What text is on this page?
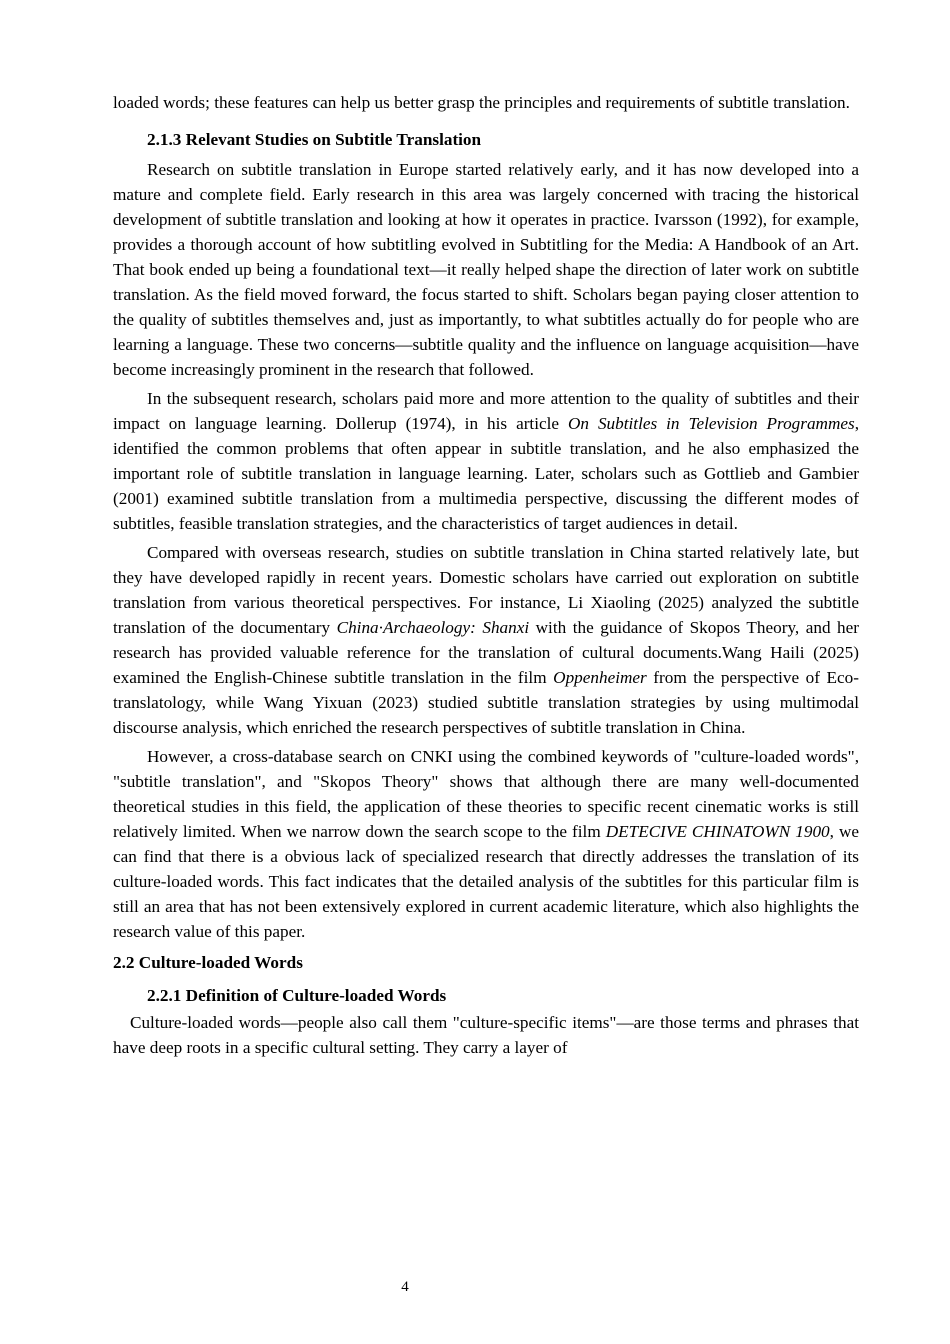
loaded words; these features can help us better grasp the principles and requirements of subtitle translation.

2.1.3 Relevant Studies on Subtitle Translation

Research on subtitle translation in Europe started relatively early, and it has now developed into a mature and complete field. Early research in this area was largely concerned with tracing the historical development of subtitle translation and looking at how it operates in practice. Ivarsson (1992), for example, provides a thorough account of how subtitling evolved in Subtitling for the Media: A Handbook of an Art. That book ended up being a foundational text—it really helped shape the direction of later work on subtitle translation. As the field moved forward, the focus started to shift. Scholars began paying closer attention to the quality of subtitles themselves and, just as importantly, to what subtitles actually do for people who are learning a language. These two concerns—subtitle quality and the influence on language acquisition—have become increasingly prominent in the research that followed.

In the subsequent research, scholars paid more and more attention to the quality of subtitles and their impact on language learning. Dollerup (1974), in his article On Subtitles in Television Programmes, identified the common problems that often appear in subtitle translation, and he also emphasized the important role of subtitle translation in language learning. Later, scholars such as Gottlieb and Gambier (2001) examined subtitle translation from a multimedia perspective, discussing the different modes of subtitles, feasible translation strategies, and the characteristics of target audiences in detail.

Compared with overseas research, studies on subtitle translation in China started relatively late, but they have developed rapidly in recent years. Domestic scholars have carried out exploration on subtitle translation from various theoretical perspectives. For instance, Li Xiaoling (2025) analyzed the subtitle translation of the documentary China·Archaeology: Shanxi with the guidance of Skopos Theory, and her research has provided valuable reference for the translation of cultural documents.Wang Haili (2025) examined the English‑Chinese subtitle translation in the film Oppenheimer from the perspective of Eco-translatology, while Wang Yixuan (2023) studied subtitle translation strategies by using multimodal discourse analysis, which enriched the research perspectives of subtitle translation in China.

However, a cross-database search on CNKI using the combined keywords of "culture-loaded words", "subtitle translation", and "Skopos Theory" shows that although there are many well-documented theoretical studies in this field, the application of these theories to specific recent cinematic works is still relatively limited. When we narrow down the search scope to the film DETECIVE CHINATOWN 1900, we can find that there is a obvious lack of specialized research that directly addresses the translation of its culture-loaded words. This fact indicates that the detailed analysis of the subtitles for this particular film is still an area that has not been extensively explored in current academic literature, which also highlights the research value of this paper.

2.2 Culture-loaded Words
2.2.1 Definition of Culture-loaded Words

Culture-loaded words—people also call them "culture-specific items"—are those terms and phrases that have deep roots in a specific cultural setting. They carry a layer of

4
